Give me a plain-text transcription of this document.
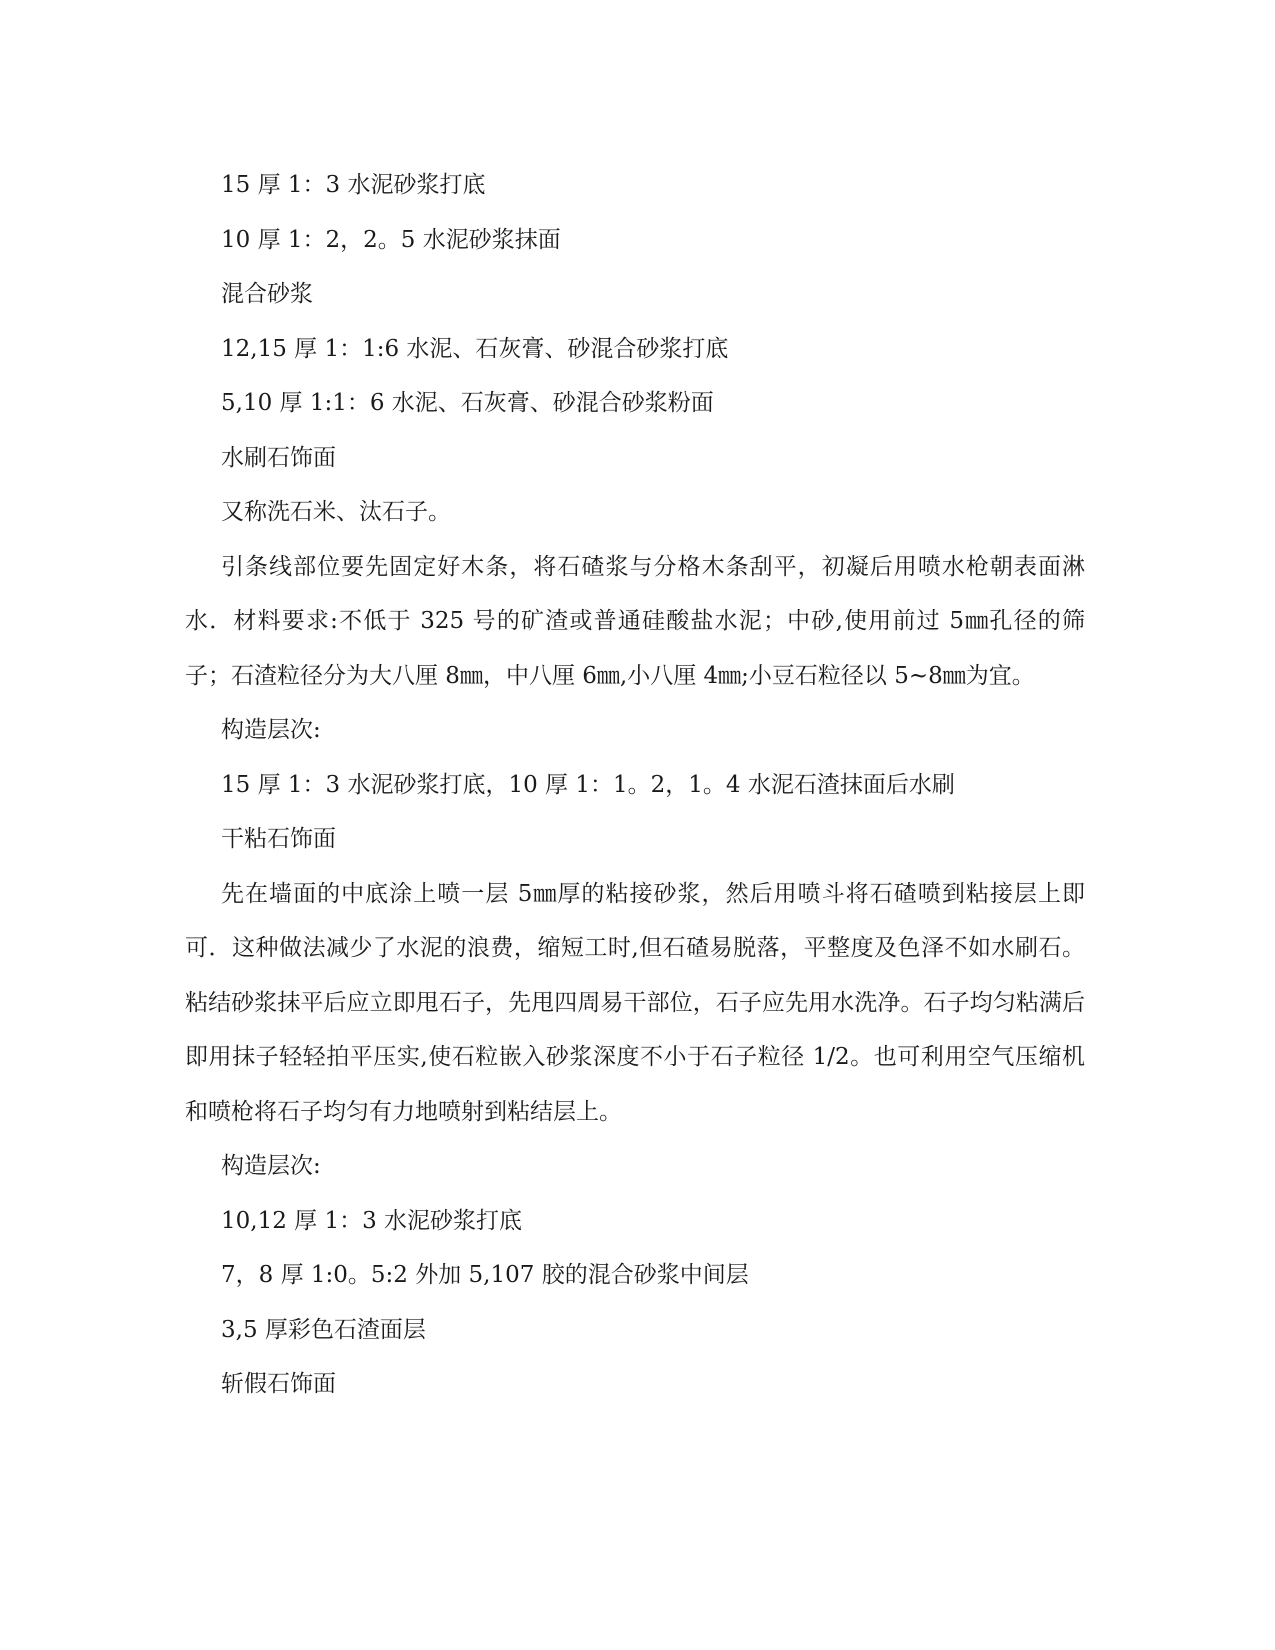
15 厚 1：3 水泥砂浆打底

10 厚 1：2，2。5 水泥砂浆抹面

混合砂浆

12,15 厚 1：1:6 水泥、石灰膏、砂混合砂浆打底

5,10 厚 1:1：6 水泥、石灰膏、砂混合砂浆粉面

水刷石饰面

又称洗石米、汰石子。

引条线部位要先固定好木条，将石碴浆与分格木条刮平，初凝后用喷水枪朝表面淋水．材料要求:不低于 325 号的矿渣或普通硅酸盐水泥；中砂,使用前过 5㎜孔径的筛子；石渣粒径分为大八厘 8㎜，中八厘 6㎜,小八厘 4㎜;小豆石粒径以 5~8㎜为宜。

构造层次:

15 厚 1：3 水泥砂浆打底，10 厚 1：1。2，1。4 水泥石渣抹面后水刷

干粘石饰面

先在墙面的中底涂上喷一层 5㎜厚的粘接砂浆，然后用喷斗将石碴喷到粘接层上即可．这种做法减少了水泥的浪费，缩短工时,但石碴易脱落，平整度及色泽不如水刷石。 粘结砂浆抹平后应立即甩石子，先甩四周易干部位，石子应先用水洗净。石子均匀粘满后即用抹子轻轻拍平压实,使石粒嵌入砂浆深度不小于石子粒径 1/2。也可利用空气压缩机和喷枪将石子均匀有力地喷射到粘结层上。

构造层次:

10,12 厚 1：3 水泥砂浆打底

7，8 厚 1:0。5:2 外加 5,107 胶的混合砂浆中间层

3,5 厚彩色石渣面层

斩假石饰面
